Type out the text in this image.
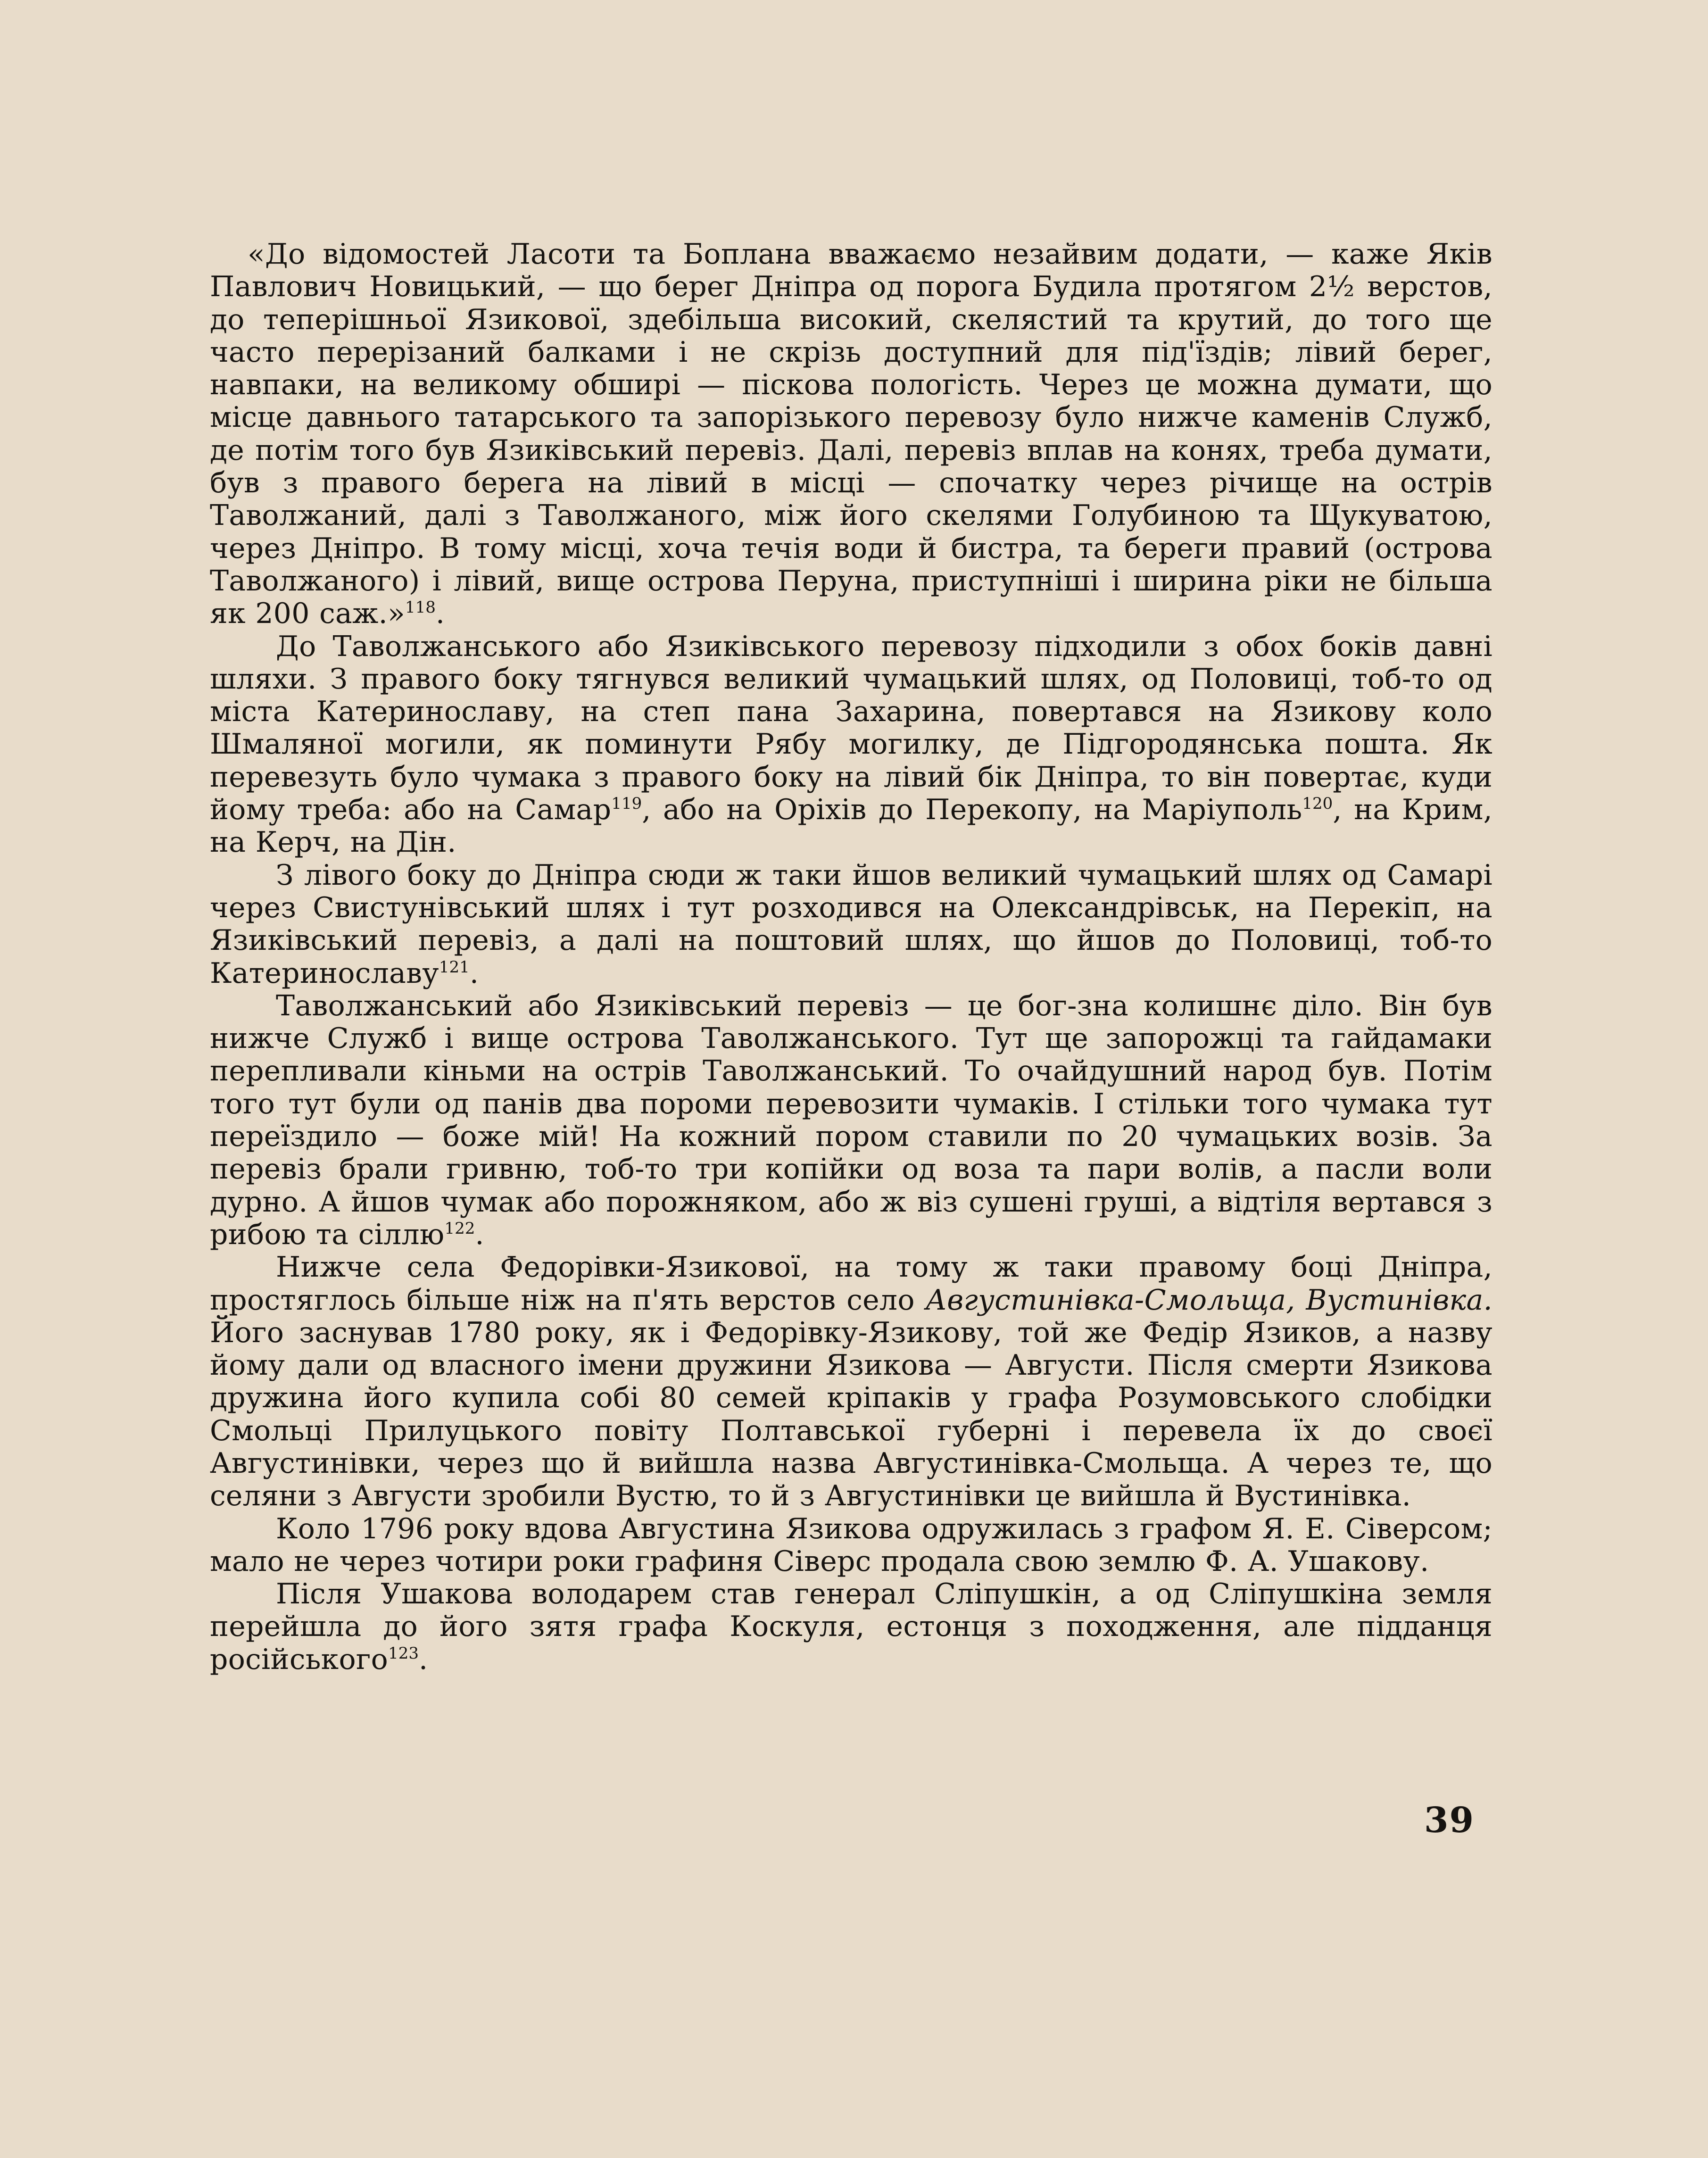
«До відомостей Ласоти та Боплана вважаємо незайвим додати, — каже Яків Павлович Новицький, — що берег Дніпра од порога Будила протягом 2½ верстов, до теперішньої Язикової, здебільша високий, скелястий та крутий, до того ще часто перерізаний балками і не скрізь доступний для під'їздів; лівий берег, навпаки, на великому обширі — піскова пологість. Через це можна думати, що місце давнього татарського та запорізького перевозу було нижче каменів Служб, де потім того був Язиківський перевіз. Далі, перевіз вплав на конях, треба думати, був з правого берега на лівий в місці — спочатку через річище на острів Таволжаний, далі з Таволжаного, між його скелями Голубиною та Щукуватою, через Дніпро. В тому місці, хоча течія води й бистра, та береги правий (острова Таволжаного) і лівий, вище острова Перуна, приступніші і ширина ріки не більша як 200 саж.»$^{118}$.

До Таволжанського або Язиківського перевозу підходили з обох боків давні шляхи. З правого боку тягнувся великий чумацький шлях, од Половиці, тоб-то од міста Катеринославу, на степ пана Захарина, повертався на Язикову коло Шмаляної могили, як поминути Рябу могилку, де Підгородянська пошта. Як перевезуть було чумака з правого боку на лівий бік Дніпра, то він повертає, куди йому треба: або на Самар$^{119}$, або на Оріхів до Перекопу, на Маріуполь$^{120}$, на Крим, на Керч, на Дін.

З лівого боку до Дніпра сюди ж таки йшов великий чумацький шлях од Самарі через Свистунівський шлях і тут розходився на Олександрівськ, на Перекіп, на Язиківський перевіз, а далі на поштовий шлях, що йшов до Половиці, тоб-то Катеринославу$^{121}$.

Таволжанський або Язиківський перевіз — це бог-зна колишнє діло. Він був нижче Служб і вище острова Таволжанського. Тут ще запорожці та гайдамаки перепливали кіньми на острів Таволжанський. То очайдушний народ був. Потім того тут були од панів два пороми перевозити чумаків. І стільки того чумака тут переїздило — боже мій! На кожний пором ставили по 20 чумацьких возів. За перевіз брали гривню, тоб-то три копійки од воза та пари волів, а пасли воли дурно. А йшов чумак або порожняком, або ж віз сушені груші, а відтіля вертався з рибою та сіллю$^{122}$.

Нижче села Федорівки-Язикової, на тому ж таки правому боці Дніпра, простяглось більше ніж на п'ять верстов село Августинівка-Смольща, Вустинівка. Його заснував 1780 року, як і Федорівку-Язикову, той же Федір Язиков, а назву йому дали од власного імени дружини Язикова — Августи. Після смерти Язикова дружина його купила собі 80 семей кріпаків у графа Розумовського слобідки Смольці Прилуцького повіту Полтавської губерні і перевела їх до своєї Августинівки, через що й вийшла назва Августинівка-Смольща. А через те, що селяни з Августи зробили Вустю, то й з Августинівки це вийшла й Вустинівка.

Коло 1796 року вдова Августина Язикова одружилась з графом Я. Е. Сіверсом; мало не через чотири роки графиня Сіверс продала свою землю Ф. А. Ушакову.

Після Ушакова володарем став генерал Сліпушкін, а од Сліпушкіна земля перейшла до його зятя графа Коскуля, естонця з походження, але підданця російського$^{123}$.

39
